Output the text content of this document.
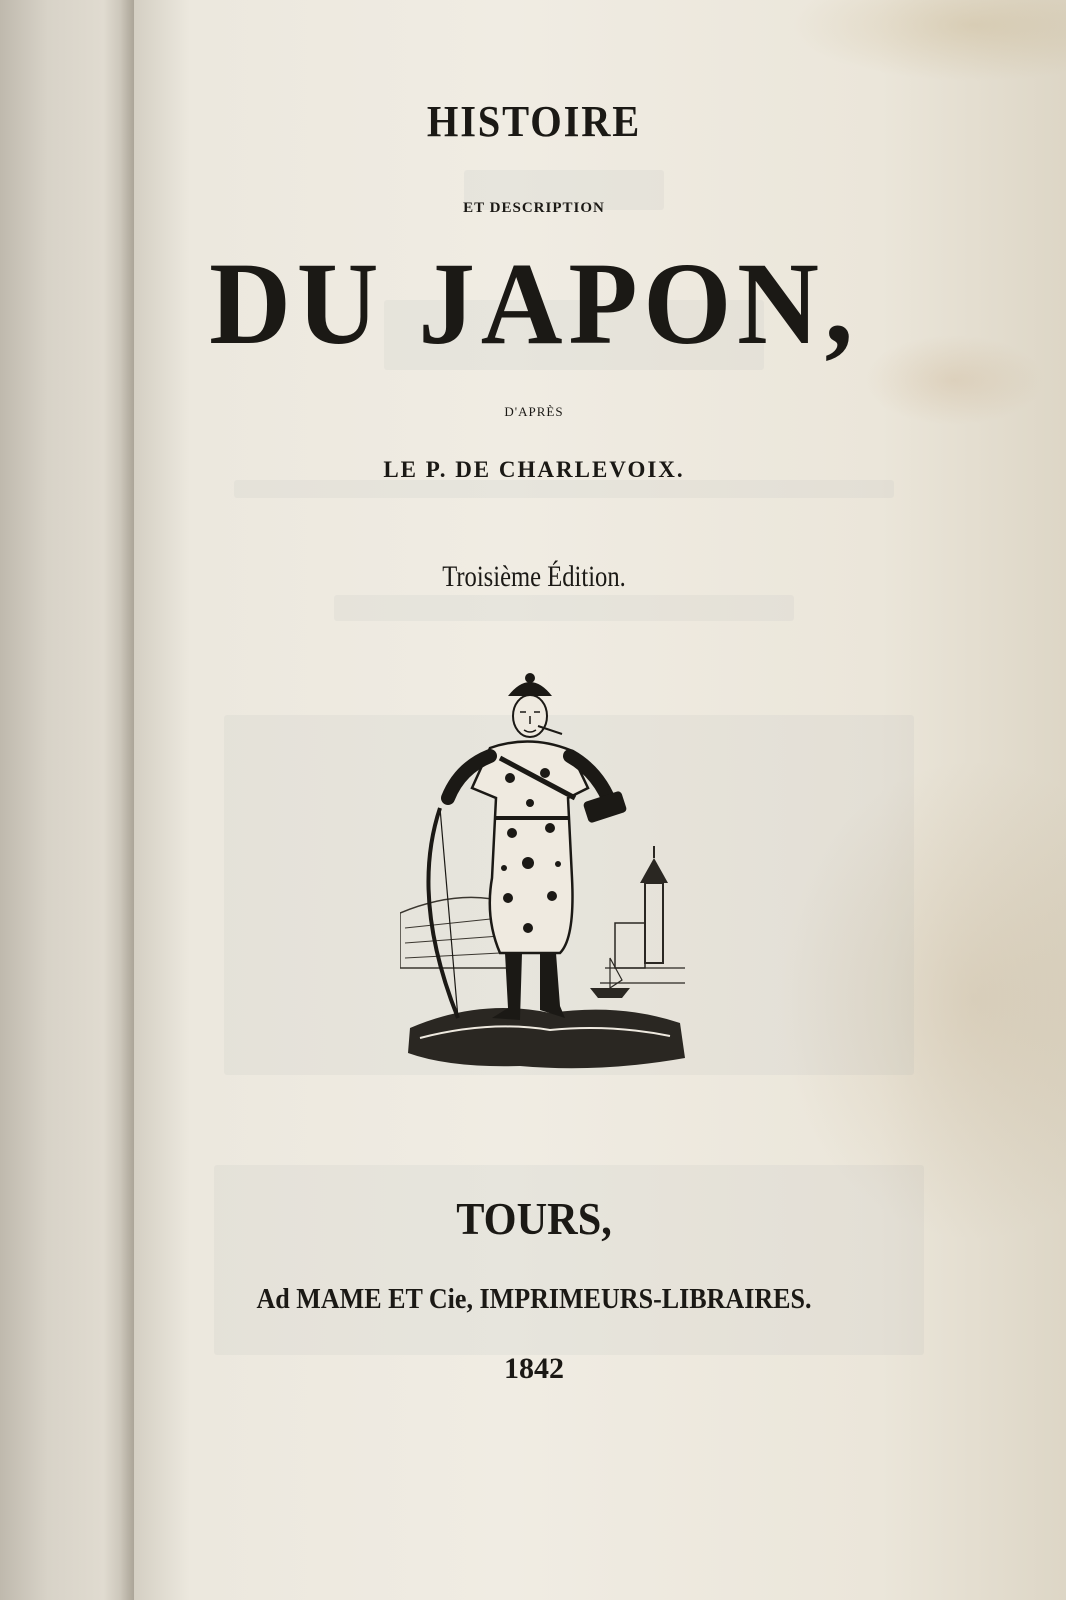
HISTOIRE
ET DESCRIPTION
DU JAPON,
D'APRÈS
LE P. DE CHARLEVOIX.
Troisième Édition.
TOURS,
Ad MAME ET Cie, IMPRIMEURS-LIBRAIRES.
1842
